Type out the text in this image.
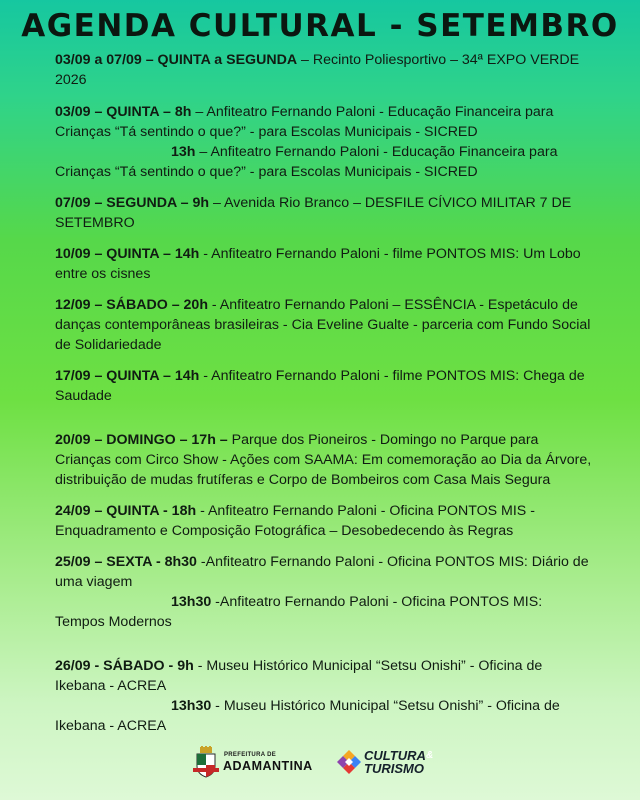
AGENDA CULTURAL - SETEMBRO

03/09 a 07/09 – QUINTA a SEGUNDA – Recinto Poliesportivo – 34ª EXPO VERDE 2026

03/09 – QUINTA – 8h – Anfiteatro Fernando Paloni - Educação Financeira para Crianças “Tá sentindo o que?” - para Escolas Municipais - SICRED

13h – Anfiteatro Fernando Paloni - Educação Financeira para Crianças “Tá sentindo o que?” - para Escolas Municipais - SICRED

07/09 – SEGUNDA – 9h – Avenida Rio Branco – DESFILE CÍVICO MILITAR 7 DE SETEMBRO

10/09 – QUINTA – 14h - Anfiteatro Fernando Paloni - filme PONTOS MIS: Um Lobo entre os cisnes

12/09 – SÁBADO – 20h - Anfiteatro Fernando Paloni – ESSÊNCIA - Espetáculo de danças contemporâneas brasileiras - Cia Eveline Gualte - parceria com Fundo Social de Solidariedade

17/09 – QUINTA – 14h - Anfiteatro Fernando Paloni - filme PONTOS MIS: Chega de Saudade

20/09 – DOMINGO – 17h – Parque dos Pioneiros - Domingo no Parque para Crianças com Circo Show - Ações com SAAMA: Em comemoração ao Dia da Árvore, distribuição de mudas frutíferas e Corpo de Bombeiros com Casa Mais Segura

24/09 – QUINTA - 18h - Anfiteatro Fernando Paloni - Oficina PONTOS MIS - Enquadramento e Composição Fotográfica – Desobedecendo às Regras

25/09 – SEXTA - 8h30 -Anfiteatro Fernando Paloni - Oficina PONTOS MIS: Diário de uma viagem

13h30 -Anfiteatro Fernando Paloni - Oficina PONTOS MIS: Tempos Modernos

26/09 - SÁBADO - 9h - Museu Histórico Municipal “Setsu Onishi” - Oficina de Ikebana - ACREA

13h30 - Museu Histórico Municipal “Setsu Onishi” - Oficina de Ikebana - ACREA

PREFEITURA DE
ADAMANTINA
CULTURA &
TURISMO
